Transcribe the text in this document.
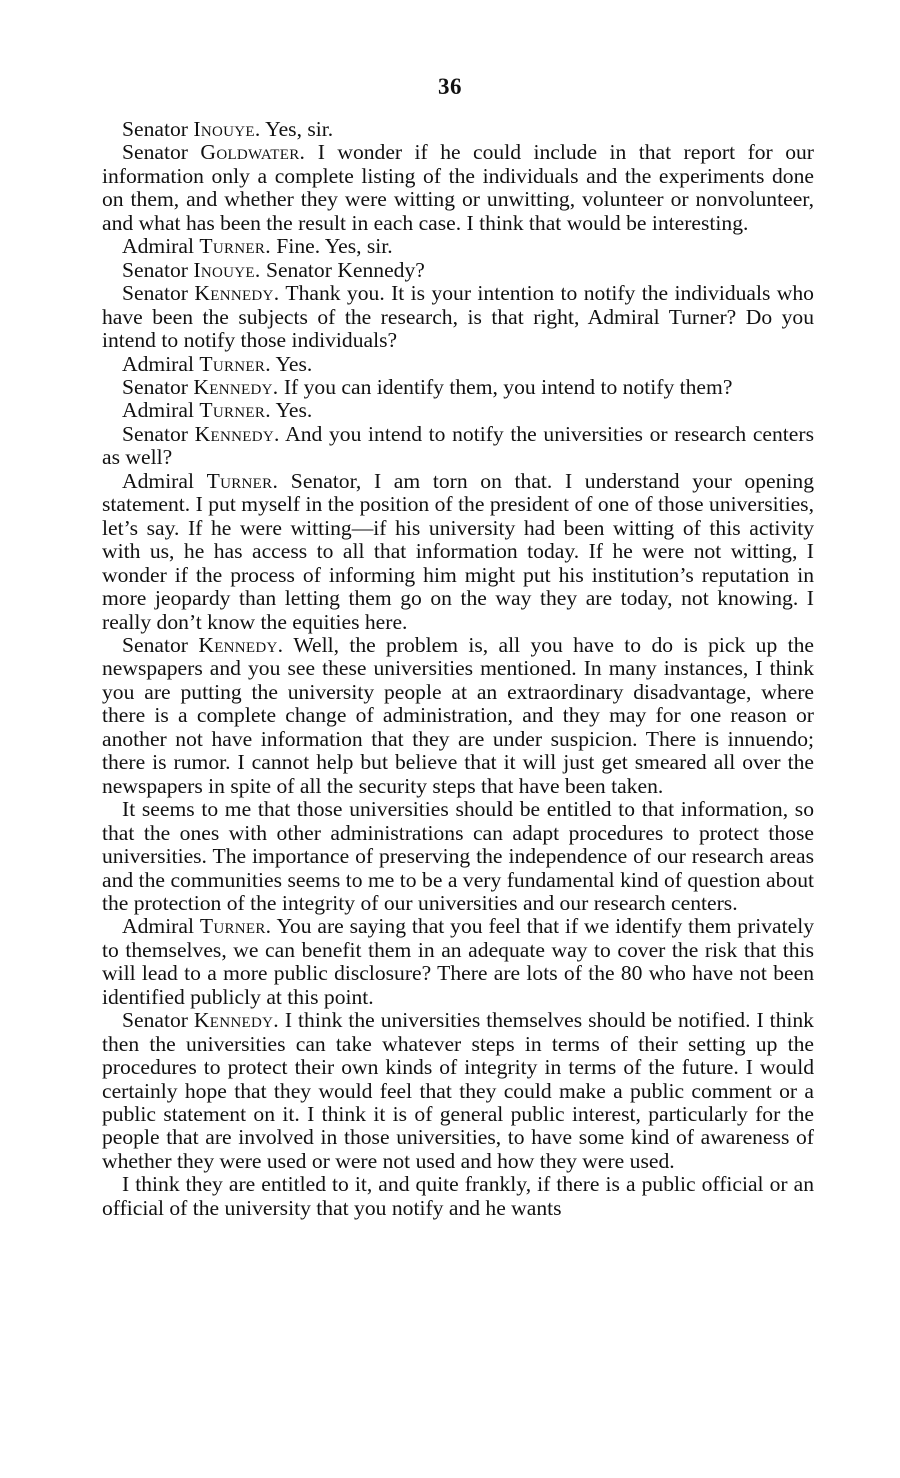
36

Senator Inouye. Yes, sir.

Senator Goldwater. I wonder if he could include in that report for our information only a complete listing of the individuals and the experiments done on them, and whether they were witting or unwitting, volunteer or nonvolunteer, and what has been the result in each case. I think that would be interesting.

Admiral Turner. Fine. Yes, sir.

Senator Inouye. Senator Kennedy?

Senator Kennedy. Thank you. It is your intention to notify the individuals who have been the subjects of the research, is that right, Admiral Turner? Do you intend to notify those individuals?

Admiral Turner. Yes.

Senator Kennedy. If you can identify them, you intend to notify them?

Admiral Turner. Yes.

Senator Kennedy. And you intend to notify the universities or research centers as well?

Admiral Turner. Senator, I am torn on that. I understand your opening statement. I put myself in the position of the president of one of those universities, let’s say. If he were witting—if his university had been witting of this activity with us, he has access to all that information today. If he were not witting, I wonder if the process of informing him might put his institution’s reputation in more jeopardy than letting them go on the way they are today, not knowing. I really don’t know the equities here.

Senator Kennedy. Well, the problem is, all you have to do is pick up the newspapers and you see these universities mentioned. In many instances, I think you are putting the university people at an extraordinary disadvantage, where there is a complete change of administration, and they may for one reason or another not have information that they are under suspicion. There is innuendo; there is rumor. I cannot help but believe that it will just get smeared all over the newspapers in spite of all the security steps that have been taken.

It seems to me that those universities should be entitled to that information, so that the ones with other administrations can adapt procedures to protect those universities. The importance of preserving the independence of our research areas and the communities seems to me to be a very fundamental kind of question about the protection of the integrity of our universities and our research centers.

Admiral Turner. You are saying that you feel that if we identify them privately to themselves, we can benefit them in an adequate way to cover the risk that this will lead to a more public disclosure? There are lots of the 80 who have not been identified publicly at this point.

Senator Kennedy. I think the universities themselves should be notified. I think then the universities can take whatever steps in terms of their setting up the procedures to protect their own kinds of integrity in terms of the future. I would certainly hope that they would feel that they could make a public comment or a public statement on it. I think it is of general public interest, particularly for the people that are involved in those universities, to have some kind of awareness of whether they were used or were not used and how they were used.

I think they are entitled to it, and quite frankly, if there is a public official or an official of the university that you notify and he wants
